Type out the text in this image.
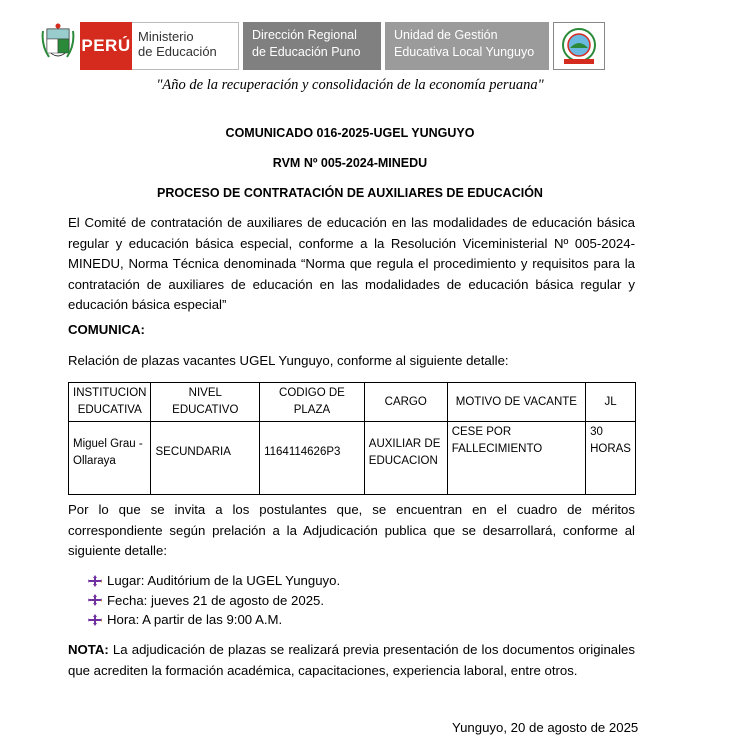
PERÚ Ministerio
de Educación
Dirección Regional
de Educación Puno
Unidad de Gestión
Educativa Local Yunguyo
"Año de la recuperación y consolidación de la economía peruana"
COMUNICADO 016-2025-UGEL YUNGUYO
RVM Nº 005-2024-MINEDU
PROCESO DE CONTRATACIÓN DE AUXILIARES DE EDUCACIÓN
El Comité de contratación de auxiliares de educación en las modalidades de educación básica regular y educación básica especial, conforme a la Resolución Viceministerial Nº 005-2024-MINEDU, Norma Técnica denominada “Norma que regula el procedimiento y requisitos para la contratación de auxiliares de educación en las modalidades de educación básica regular y educación básica especial”
COMUNICA:
Relación de plazas vacantes UGEL Yunguyo, conforme al siguiente detalle:
INSTITUCION EDUCATIVA	NIVEL EDUCATIVO	CODIGO DE PLAZA	CARGO	MOTIVO DE VACANTE	JL
Miguel Grau - Ollaraya	SECUNDARIA	1164114626P3	AUXILIAR DE EDUCACION	CESE POR FALLECIMIENTO	30 HORAS
Por lo que se invita a los postulantes que, se encuentran en el cuadro de méritos correspondiente según prelación a la Adjudicación publica que se desarrollará, conforme al siguiente detalle:
Lugar: Auditórium de la UGEL Yunguyo.
Fecha: jueves 21 de agosto de 2025.
Hora: A partir de las 9:00 A.M.
NOTA: La adjudicación de plazas se realizará previa presentación de los documentos originales que acrediten la formación académica, capacitaciones, experiencia laboral, entre otros.
Yunguyo, 20 de agosto de 2025
